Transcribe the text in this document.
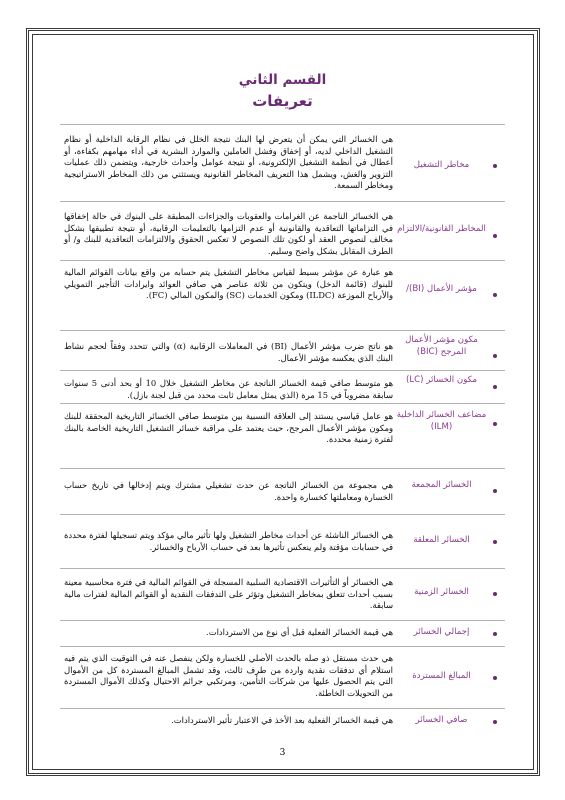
القسم الثاني
تعريفات
مخاطر التشغيل
هي الخسائر التي يمكن أن يتعرض لها البنك نتيجة الخلل في نظام الرقابة الداخلية أو نظام التشغيل الداخلي لديه، أو إخفاق وفشل العاملين والموارد البشرية في أداء مهامهم بكفاءة، أو أعطال في أنظمة التشغيل الإلكترونية، أو نتيجة عوامل وأحداث خارجية، ويتضمن ذلك عمليات التزوير والغش، ويشمل هذا التعريف المخاطر القانونية ويستثني من ذلك المخاطر الاستراتيجية ومخاطر السمعة.
المخاطر القانونية/الالتزام
هي الخسائر الناجمة عن الغرامات والعقوبات والجزاءات المطبقة على البنوك في حالة إخفاقها في التزاماتها التعاقدية والقانونية أو عدم التزامها بالتعليمات الرقابية، أو نتيجة تطبيقها بشكل مخالف لنصوص العقد أو لكون تلك النصوص لا تعكس الحقوق والالتزامات التعاقدية للبنك و/ أو الطرف المقابل بشكل واضح وسليم.
مؤشر الأعمال (BI)/
هو عبارة عن مؤشر بسيط لقياس مخاطر التشغيل يتم حسابه من واقع بيانات القوائم المالية للبنوك (قائمة الدخل) ويتكون من ثلاثة عناصر هي صافي العوائد وايرادات التأجير التمويلي والأرباح الموزعة (ILDC) ومكون الخدمات (SC) والمكون المالي (FC).
مكون مؤشر الأعمال المرجح (BIC)
هو ناتج ضرب مؤشر الأعمال (BI) في المعاملات الرقابية (α) والتي تتحدد وفقاً لحجم نشاط البنك الذي يعكسه مؤشر الأعمال.
مكون الخسائر (LC)
هو متوسط صافي قيمة الخسائر الناتجة عن مخاطر التشغيل خلال 10 أو بحد أدنى 5 سنوات سابقة مضروباً في 15 مرة (الذي يمثل معامل ثابت محدد من قبل لجنة بازل).
مضاعف الخسائر الداخلية (ILM)
هو عامل قياسي يستند إلى العلاقة النسبية بين متوسط صافي الخسائر التاريخية المحققة للبنك ومكون مؤشر الأعمال المرجح، حيث يعتمد على مراقبة خسائر التشغيل التاريخية الخاصة بالبنك لفترة زمنية محددة.
الخسائر المجمعة
هي مجموعة من الخسائر الناتجة عن حدث تشغيلي مشترك ويتم إدخالها في تاريخ حساب الخسارة ومعاملتها كخسارة واحدة.
الخسائر المعلقة
هي الخسائر الناشئة عن أحداث مخاطر التشغيل ولها تأثير مالي مؤكد ويتم تسجيلها لفترة محددة في حسابات مؤقتة ولم ينعكس تأثيرها بعد في حساب الأرباح والخسائر.
الخسائر الزمنية
هي الخسائر أو التأثيرات الاقتصادية السلبية المسجلة في القوائم المالية في فترة محاسبية معينة بسبب أحداث تتعلق بمخاطر التشغيل وتؤثر على التدفقات النقدية أو القوائم المالية لفترات مالية سابقة.
إجمالي الخسائر
هي قيمة الخسائر الفعلية قبل أي نوع من الاستردادات.
المبالغ المستردة
هي حدث مستقل ذو صله بالحدث الأصلي للخسارة ولكن ينفصل عنه في التوقيت الذي يتم فيه استلام أي تدفقات نقدية واردة من طرف ثالث، وقد تشمل المبالغ المستردة كل من الأموال التي يتم الحصول عليها من شركات التأمين، ومرتكبي جرائم الاحتيال وكذلك الأموال المستردة من التحويلات الخاطئة.
صافي الخسائر
هي قيمة الخسائر الفعلية بعد الأخذ في الاعتبار تأثير الاستردادات.
3
